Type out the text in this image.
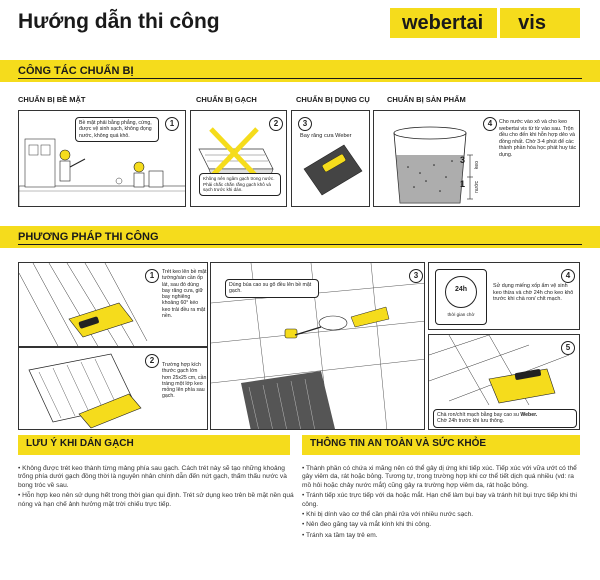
Hướng dẫn thi công	webertai vis
CÔNG TÁC CHUẨN BỊ
CHUẨN BỊ BỀ MẶT	CHUẨN BỊ GẠCH	CHUẨN BỊ DỤNG CỤ CHUẨN BỊ SẢN PHẨM
1
Bề mặt phải bằng phẳng, cứng, được vệ sinh sạch, không đọng nước, không quá khô.
2
Không nên ngâm gạch trong nước. Phải chắc chắn rằng gạch khô và sạch trước khi dán.
3
Bay răng cưa Weber
3
1
keo
nước
4	Cho nước vào xô và cho keo webertai vis từ từ vào sau. Trộn đều cho đến khi hỗn hợp dẻo và đồng nhất. Chờ 3-4 phút để các thành phần hóa học phát huy tác dụng.
PHƯƠNG PHÁP THI CÔNG
1	Trét keo lên bề mặt tường/sàn cần ốp lát, sau đó dùng bay răng cưa, giữ bay nghiêng khoảng 60° kéo keo trải đều ra mặt nền.
2	Trường hợp kích thước gạch lớn hơn 25x25 cm, cần tráng một lớp keo mỏng lên phía sau gạch.
3
Dùng búa cao su gõ đều lên bề mặt gạch.	24h
thời gian chờ
4
Sử dụng miếng xốp ẩm vệ sinh keo thừa và chờ 24h cho keo khô trước khi chà ron/ chít mạch.
5
Chà ron/chít mạch bằng bay cao su Weber.
Chờ 24h trước khi lưu thông.
LƯU Ý KHI DÁN GẠCH

• Không được trét keo thành từng mảng phía sau gạch. Cách trét này sẽ tạo những khoảng trống phía dưới gạch đồng thời là nguyên nhân chính dẫn đến nứt gạch, thấm thấu nước và bong tróc về sau.

• Hỗn hợp keo nên sử dụng hết trong thời gian qui định. Trét sử dụng keo trên bề mặt nền quá nóng và hạn chế ảnh hưởng mặt trời chiếu trực tiếp.

THÔNG TIN AN TOÀN VÀ SỨC KHỎE

• Thành phần có chứa xi măng nên có thể gây dị ứng khi tiếp xúc. Tiếp xúc với vữa ướt có thể gây viêm da, rát hoặc bỏng. Tương tự, trong trường hợp khi cơ thể tiết dịch quá nhiều (vd: ra mồ hôi hoặc chảy nước mắt) cũng gây ra trường hợp viêm da, rát hoặc bỏng.

• Tránh tiếp xúc trực tiếp với da hoặc mắt. Hạn chế làm bụi bay và tránh hít bụi trực tiếp khi thi công.

• Khi bị dính vào cơ thể cần phải rửa với nhiều nước sạch.

• Nên đeo găng tay và mắt kính khi thi công.

• Tránh xa tầm tay trẻ em.
